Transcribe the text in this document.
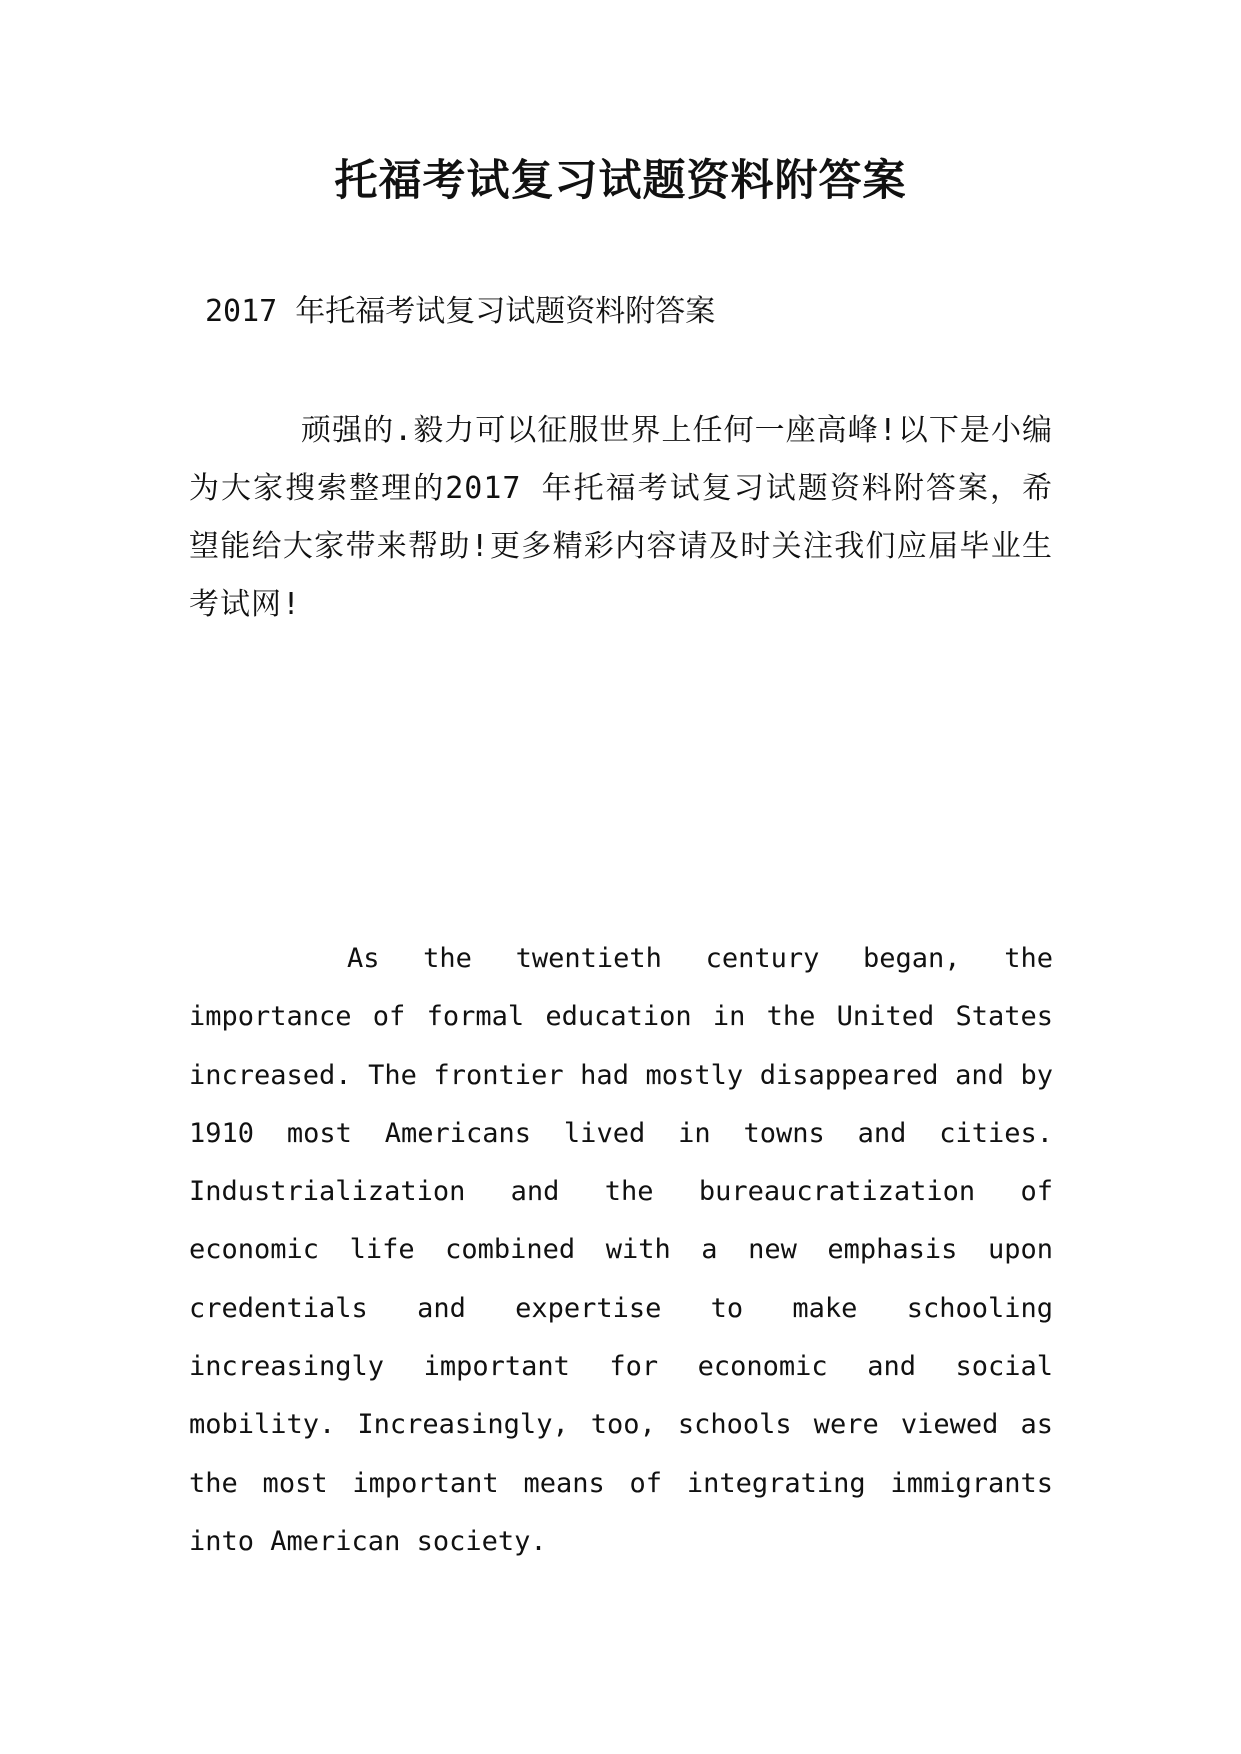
托福考试复习试题资料附答案

2017 年托福考试复习试题资料附答案

顽强的.毅力可以征服世界上任何一座高峰!以下是小编为大家搜索整理的2017 年托福考试复习试题资料附答案，希望能给大家带来帮助!更多精彩内容请及时关注我们应届毕业生考试网!

As the twentieth century began, the importance of formal education in the United States increased. The frontier had mostly disappeared and by 1910 most Americans lived in towns and cities. Industrialization and the bureaucratization of economic life combined with a new emphasis upon credentials and expertise to make schooling increasingly important for economic and social mobility. Increasingly, too, schools were viewed as the most important means of integrating immigrants into American society.
